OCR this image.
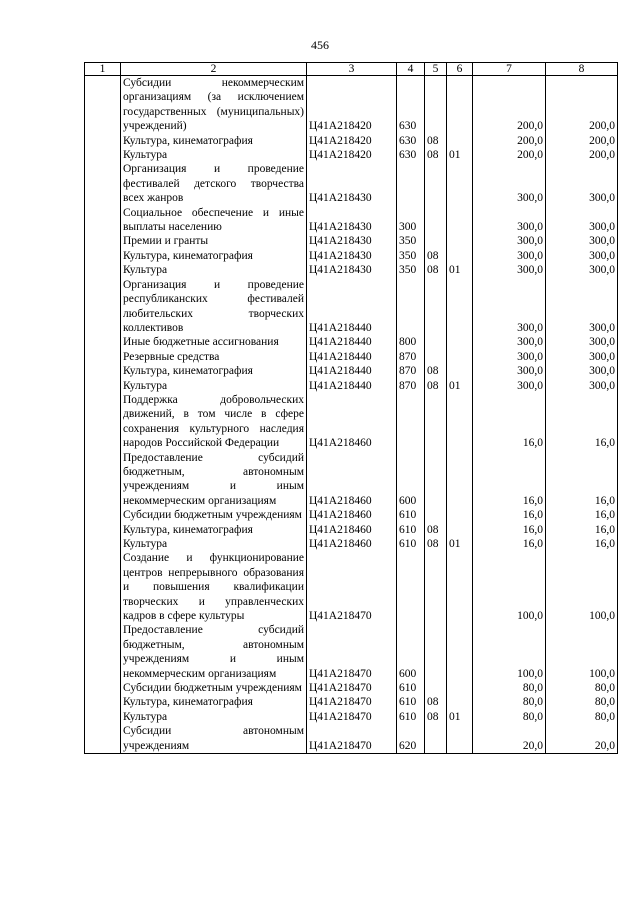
456
1	2	3	4	5	6	7	8
	Субсидии некоммерческим организациям (за исключением государственных (муниципальных) учреждений)	Ц41А218420	630			200,0	200,0
	Культура, кинематография	Ц41А218420	630	08		200,0	200,0
	Культура	Ц41А218420	630	08	01	200,0	200,0
	Организация и проведение фестивалей детского творчества всех жанров	Ц41А218430				300,0	300,0
	Социальное обеспечение и иные выплаты населению	Ц41А218430	300			300,0	300,0
	Премии и гранты	Ц41А218430	350			300,0	300,0
	Культура, кинематография	Ц41А218430	350	08		300,0	300,0
	Культура	Ц41А218430	350	08	01	300,0	300,0
	Организация и проведение республиканских фестивалей любительских творческих коллективов	Ц41А218440				300,0	300,0
	Иные бюджетные ассигнования	Ц41А218440	800			300,0	300,0
	Резервные средства	Ц41А218440	870			300,0	300,0
	Культура, кинематография	Ц41А218440	870	08		300,0	300,0
	Культура	Ц41А218440	870	08	01	300,0	300,0
	Поддержка добровольческих движений, в том числе в сфере сохранения культурного наследия народов Российской Федерации	Ц41А218460				16,0	16,0
	Предоставление субсидий бюджетным, автономным учреждениям и иным некоммерческим организациям	Ц41А218460	600			16,0	16,0
	Субсидии бюджетным учреждениям	Ц41А218460	610			16,0	16,0
	Культура, кинематография	Ц41А218460	610	08		16,0	16,0
	Культура	Ц41А218460	610	08	01	16,0	16,0
	Создание и функционирование центров непрерывного образования и повышения квалификации творческих и управленческих кадров в сфере культуры	Ц41А218470				100,0	100,0
	Предоставление субсидий бюджетным, автономным учреждениям и иным некоммерческим организациям	Ц41А218470	600			100,0	100,0
	Субсидии бюджетным учреждениям	Ц41А218470	610			80,0	80,0
	Культура, кинематография	Ц41А218470	610	08		80,0	80,0
	Культура	Ц41А218470	610	08	01	80,0	80,0
	Субсидии автономным учреждениям	Ц41А218470	620			20,0	20,0
